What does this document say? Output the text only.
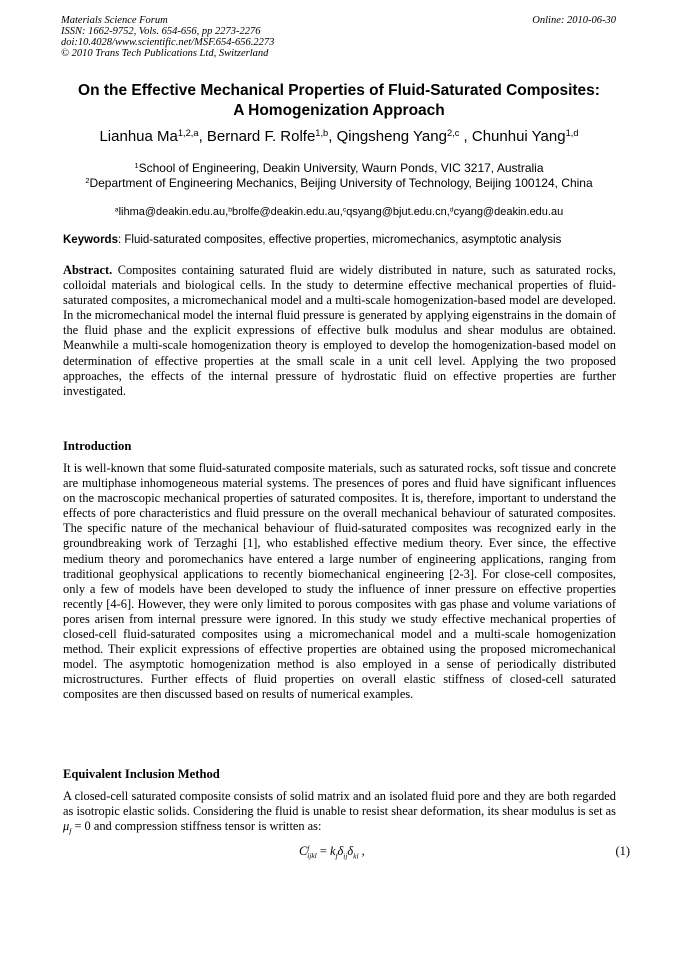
Materials Science Forum
ISSN: 1662-9752, Vols. 654-656, pp 2273-2276
doi:10.4028/www.scientific.net/MSF.654-656.2273
© 2010 Trans Tech Publications Ltd, Switzerland
Online: 2010-06-30
On the Effective Mechanical Properties of Fluid-Saturated Composites:
A Homogenization Approach
Lianhua Ma$^{1,2,a}$, Bernard F. Rolfe$^{1,b}$, Qingsheng Yang$^{2,c}$ , Chunhui Yang$^{1,d}$
$^1$School of Engineering, Deakin University, Waurn Ponds, VIC 3217, Australia
$^2$Department of Engineering Mechanics, Beijing University of Technology, Beijing 100124, China
$^a$lihma@deakin.edu.au,$^b$brolfe@deakin.edu.au,$^c$qsyang@bjut.edu.cn,$^d$cyang@deakin.edu.au
Keywords: Fluid-saturated composites, effective properties, micromechanics, asymptotic analysis
Abstract. Composites containing saturated fluid are widely distributed in nature, such as saturated rocks, colloidal materials and biological cells. In the study to determine effective mechanical properties of fluid-saturated composites, a micromechanical model and a multi-scale homogenization-based model are developed. In the micromechanical model the internal fluid pressure is generated by applying eigenstrains in the domain of the fluid phase and the explicit expressions of effective bulk modulus and shear modulus are obtained. Meanwhile a multi-scale homogenization theory is employed to develop the homogenization-based model on determination of effective properties at the small scale in a unit cell level. Applying the two proposed approaches, the effects of the internal pressure of hydrostatic fluid on effective properties are further investigated.
Introduction
It is well-known that some fluid-saturated composite materials, such as saturated rocks, soft tissue and concrete are multiphase inhomogeneous material systems. The presences of pores and fluid have significant influences on the macroscopic mechanical properties of saturated composites. It is, therefore, important to understand the effects of pore characteristics and fluid pressure on the overall mechanical behaviour of saturated composites. The specific nature of the mechanical behaviour of fluid-saturated composites was recognized early in the groundbreaking work of Terzaghi [1], who established effective medium theory. Ever since, the effective medium theory and poromechanics have entered a large number of engineering applications, ranging from traditional geophysical applications to recently biomechanical engineering [2-3]. For close-cell composites, only a few of models have been developed to study the influence of inner pressure on effective properties recently [4-6]. However, they were only limited to porous composites with gas phase and volume variations of pores arisen from internal pressure were ignored. In this study we study effective mechanical properties of closed-cell fluid-saturated composites using a micromechanical model and a multi-scale homogenization method. Their explicit expressions of effective properties are obtained using the proposed micromechanical model. The asymptotic homogenization method is also employed in a sense of periodically distributed microstructures. Further effects of fluid properties on overall elastic stiffness of closed-cell saturated composites are then discussed based on results of numerical examples.
Equivalent Inclusion Method
A closed-cell saturated composite consists of solid matrix and an isolated fluid pore and they are both regarded as isotropic elastic solids. Considering the fluid is unable to resist shear deformation, its shear modulus is set as $\mu_f = 0$ and compression stiffness tensor is written as:
C f
ijkl = $k_f\delta_{ij}\delta_{kl}$ ,	(1)
